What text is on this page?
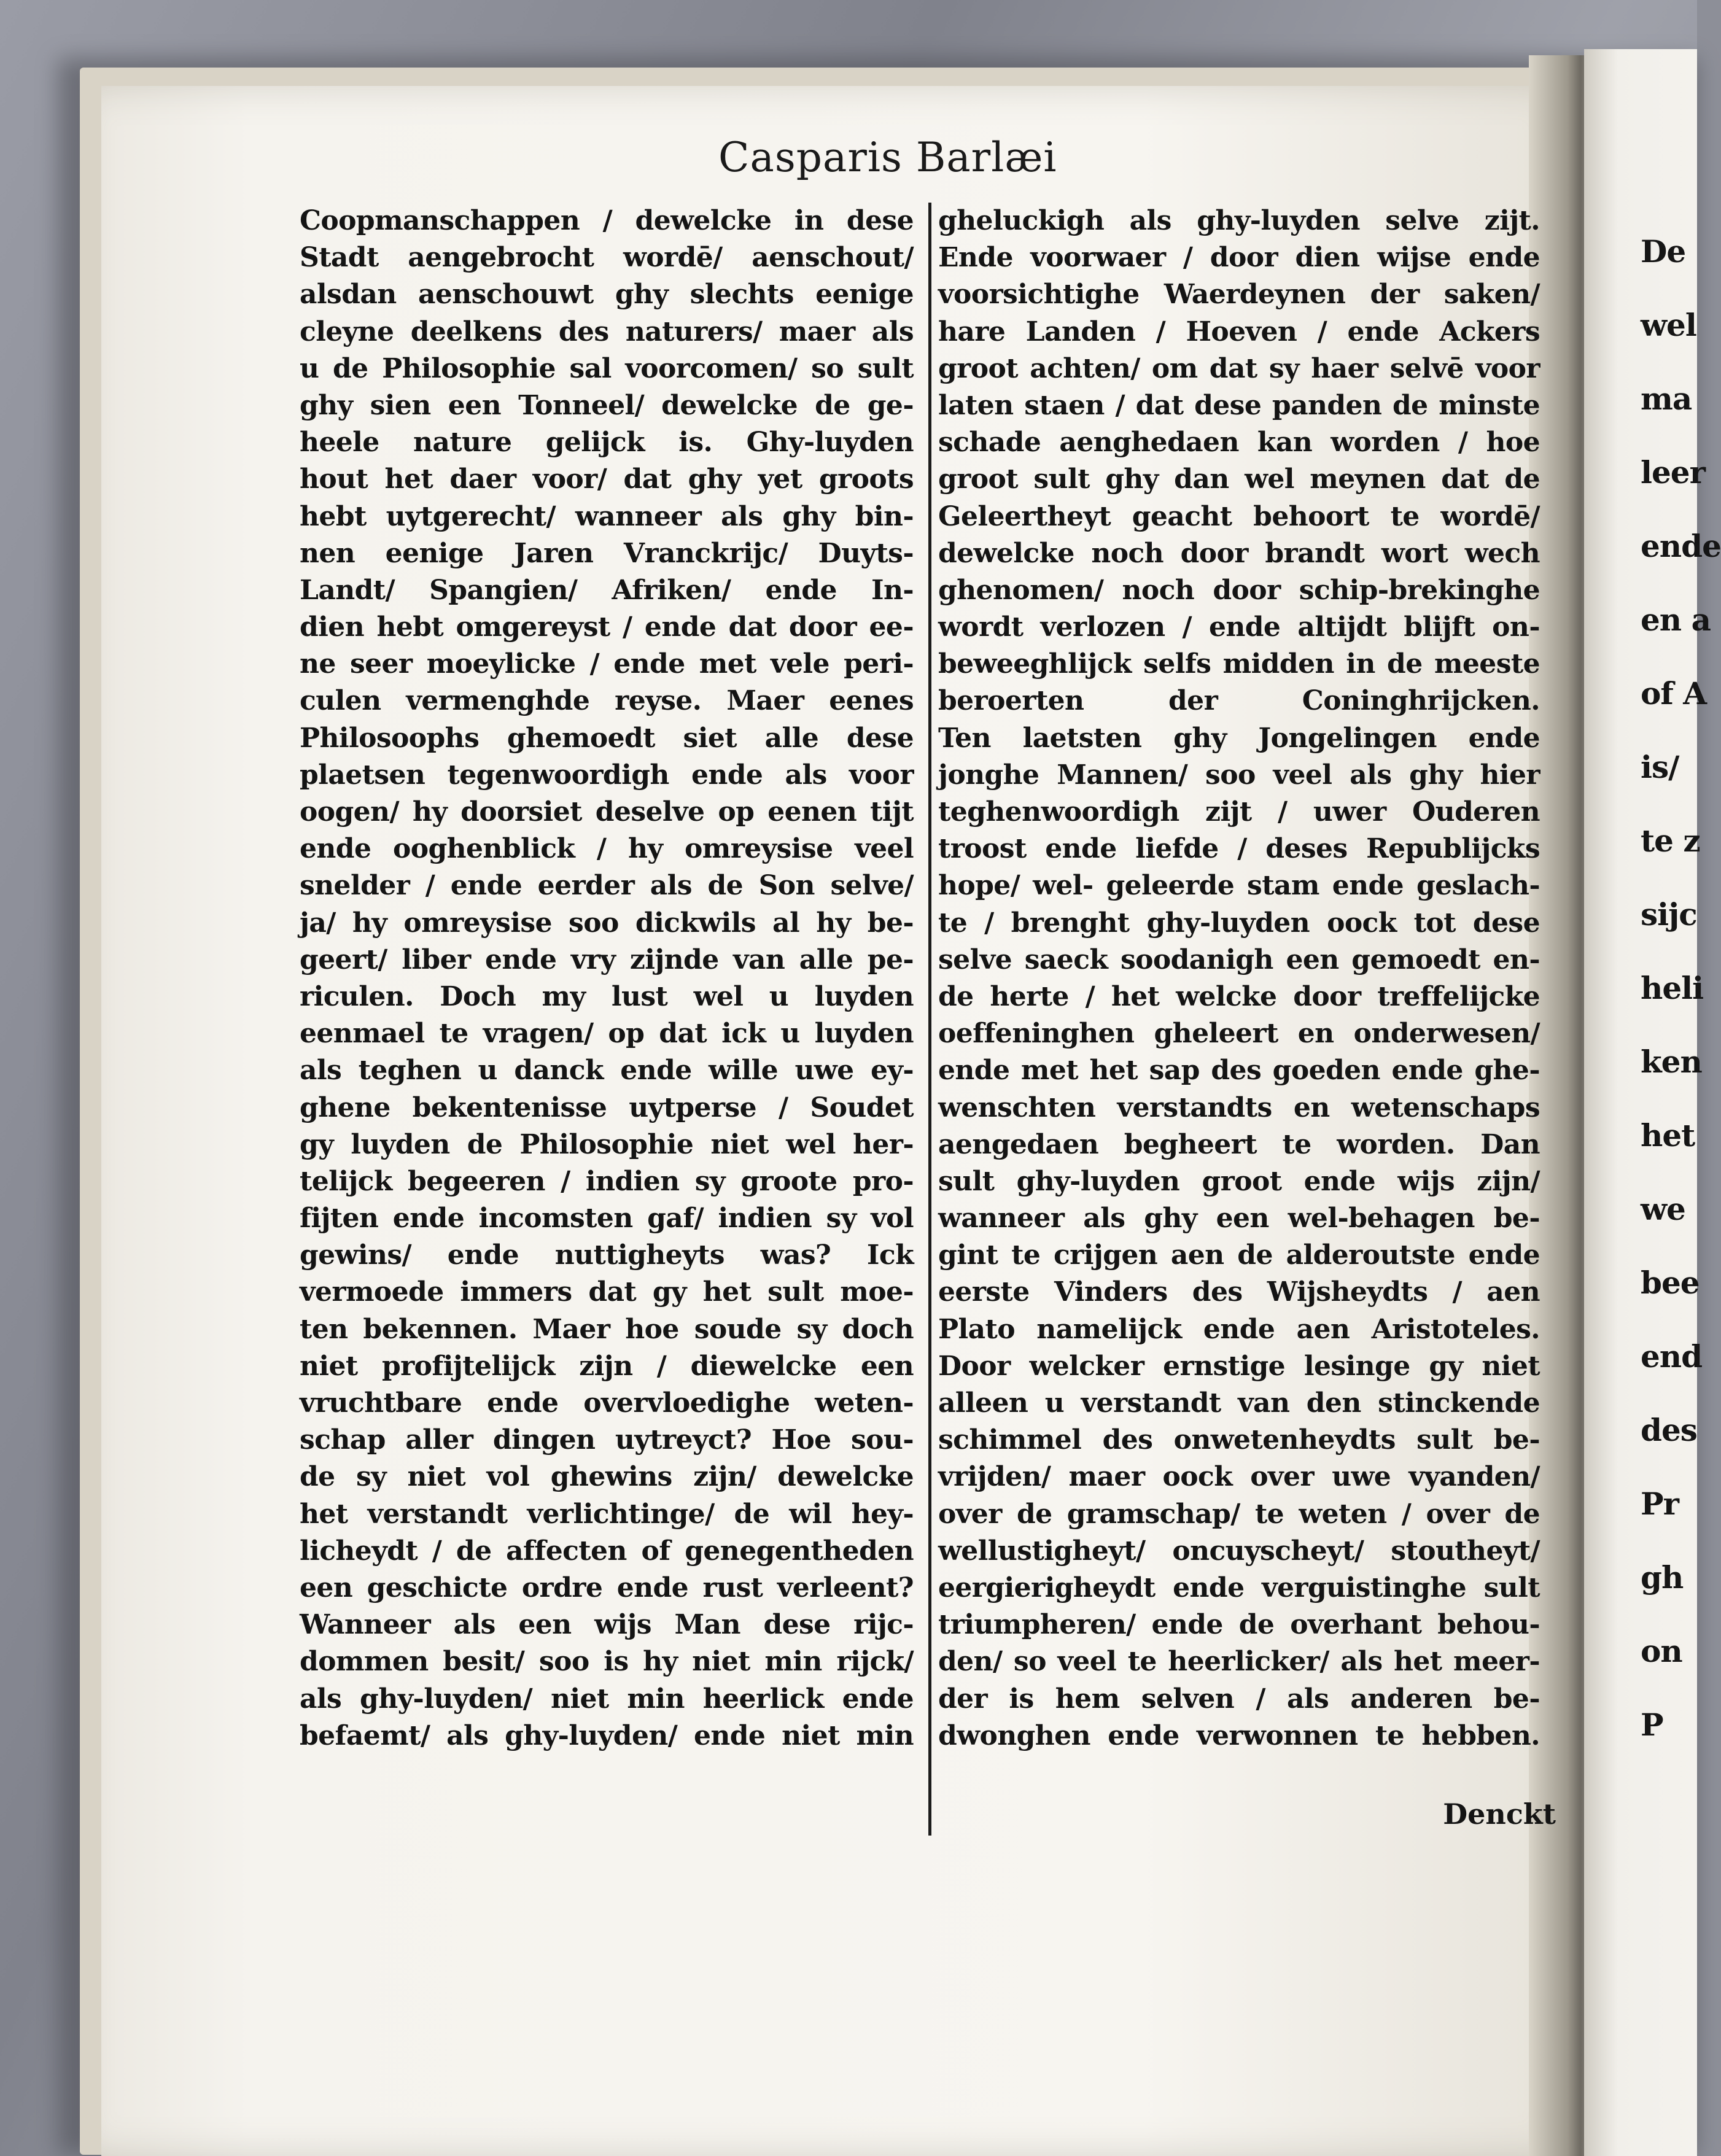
De
wel
ma
leer
ende
en a
of A
is/
te z
sijc
heli
ken
het
we
bee
end
des
Pr
gh
on
P
Casparis Barlæi
Coopmanschappen / dewelcke in dese
Stadt aengebrocht wordē/ aenschout/
alsdan aenschouwt ghy slechts eenige
cleyne deelkens des naturers/ maer als
u de Philosophie sal voorcomen/ so sult
ghy sien een Tonneel/ dewelcke de ge-
heele nature gelijck is. Ghy-luyden
hout het daer voor/ dat ghy yet groots
hebt uytgerecht/ wanneer als ghy bin-
nen eenige Jaren Vranckrijc/ Duyts-
Landt/ Spangien/ Afriken/ ende In-
dien hebt omgereyst / ende dat door ee-
ne seer moeylicke / ende met vele peri-
culen vermenghde reyse. Maer eenes
Philosoophs ghemoedt siet alle dese
plaetsen tegenwoordigh ende als voor
oogen/ hy doorsiet deselve op eenen tijt
ende ooghenblick / hy omreysise veel
snelder / ende eerder als de Son selve/
ja/ hy omreysise soo dickwils al hy be-
geert/ liber ende vry zijnde van alle pe-
riculen. Doch my lust wel u luyden
eenmael te vragen/ op dat ick u luyden
als teghen u danck ende wille uwe ey-
ghene bekentenisse uytperse / Soudet
gy luyden de Philosophie niet wel her-
telijck begeeren / indien sy groote pro-
fijten ende incomsten gaf/ indien sy vol
gewins/ ende nuttigheyts was? Ick
vermoede immers dat gy het sult moe-
ten bekennen. Maer hoe soude sy doch
niet profijtelijck zijn / diewelcke een
vruchtbare ende overvloedighe weten-
schap aller dingen uytreyct? Hoe sou-
de sy niet vol ghewins zijn/ dewelcke
het verstandt verlichtinge/ de wil hey-
licheydt / de affecten of genegentheden
een geschicte ordre ende rust verleent?
Wanneer als een wijs Man dese rijc-
dommen besit/ soo is hy niet min rijck/
als ghy-luyden/ niet min heerlick ende
befaemt/ als ghy-luyden/ ende niet min
gheluckigh als ghy-luyden selve zijt.
Ende voorwaer / door dien wijse ende
voorsichtighe Waerdeynen der saken/
hare Landen / Hoeven / ende Ackers
groot achten/ om dat sy haer selvē voor
laten staen / dat dese panden de minste
schade aenghedaen kan worden / hoe
groot sult ghy dan wel meynen dat de
Geleertheyt geacht behoort te wordē/
dewelcke noch door brandt wort wech
ghenomen/ noch door schip-brekinghe
wordt verlozen / ende altijdt blijft on-
beweeghlijck selfs midden in de meeste
beroerten der Coninghrijcken.
Ten laetsten ghy Jongelingen ende
jonghe Mannen/ soo veel als ghy hier
teghenwoordigh zijt / uwer Ouderen
troost ende liefde / deses Republijcks
hope/ wel- geleerde stam ende geslach-
te / brenght ghy-luyden oock tot dese
selve saeck soodanigh een gemoedt en-
de herte / het welcke door treffelijcke
oeffeninghen gheleert en onderwesen/
ende met het sap des goeden ende ghe-
wenschten verstandts en wetenschaps
aengedaen begheert te worden. Dan
sult ghy-luyden groot ende wijs zijn/
wanneer als ghy een wel-behagen be-
gint te crijgen aen de alderoutste ende
eerste Vinders des Wijsheydts / aen
Plato namelijck ende aen Aristoteles.
Door welcker ernstige lesinge gy niet
alleen u verstandt van den stinckende
schimmel des onwetenheydts sult be-
vrijden/ maer oock over uwe vyanden/
over de gramschap/ te weten / over de
wellustigheyt/ oncuyscheyt/ stoutheyt/
eergierigheydt ende verguistinghe sult
triumpheren/ ende de overhant behou-
den/ so veel te heerlicker/ als het meer-
der is hem selven / als anderen be-
dwonghen ende verwonnen te hebben.
Denckt
